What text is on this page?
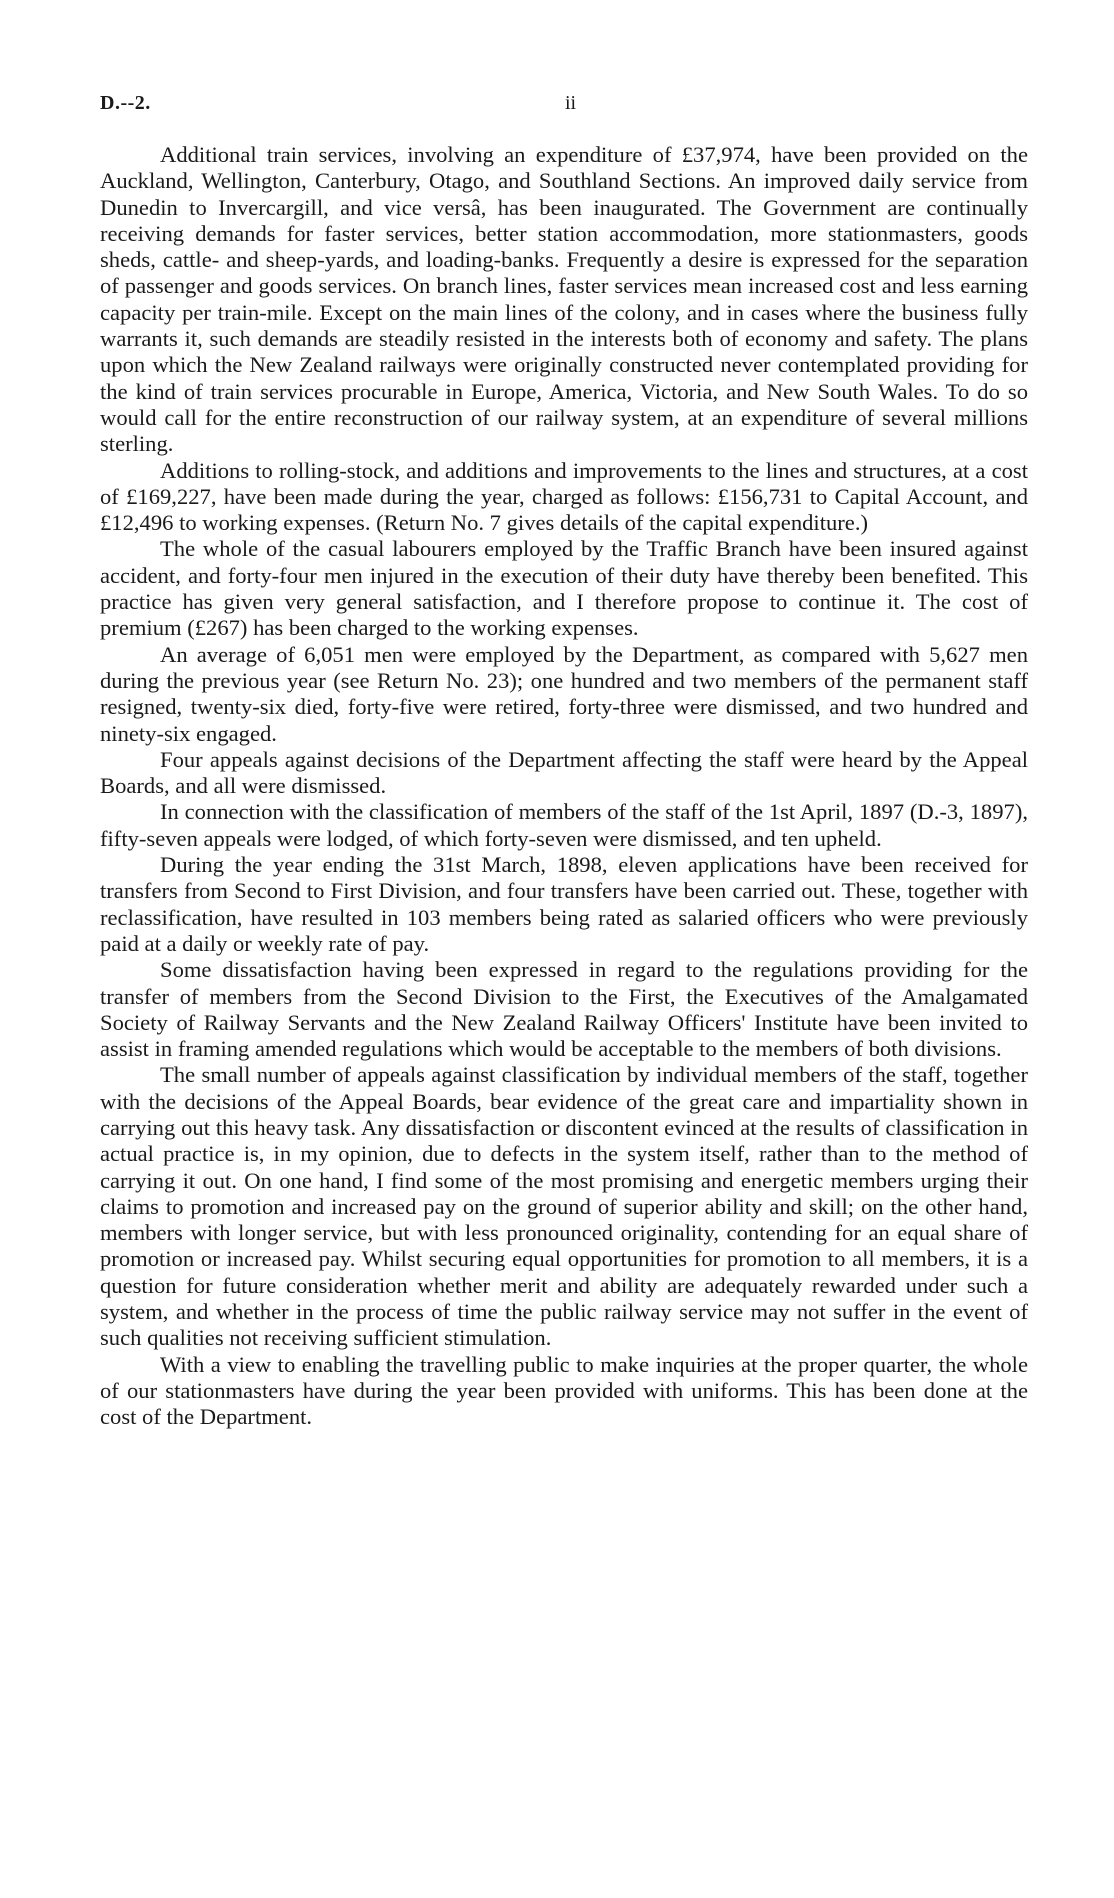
D.--2.	ii

Additional train services, involving an expenditure of £37,974, have been provided on the Auckland, Wellington, Canterbury, Otago, and Southland Sections. An improved daily service from Dunedin to Invercargill, and vice versâ, has been inaugurated. The Government are continually receiving demands for faster services, better station accommodation, more stationmasters, goods sheds, cattle- and sheep-yards, and loading-banks. Frequently a desire is expressed for the separation of passenger and goods services. On branch lines, faster services mean increased cost and less earning capacity per train-mile. Except on the main lines of the colony, and in cases where the business fully warrants it, such demands are steadily resisted in the interests both of economy and safety. The plans upon which the New Zealand railways were originally constructed never contemplated providing for the kind of train services procurable in Europe, America, Victoria, and New South Wales. To do so would call for the entire reconstruction of our railway system, at an expenditure of several millions sterling.

Additions to rolling-stock, and additions and improvements to the lines and structures, at a cost of £169,227, have been made during the year, charged as follows: £156,731 to Capital Account, and £12,496 to working expenses. (Return No. 7 gives details of the capital expenditure.)

The whole of the casual labourers employed by the Traffic Branch have been insured against accident, and forty-four men injured in the execution of their duty have thereby been benefited. This practice has given very general satisfaction, and I therefore propose to continue it. The cost of premium (£267) has been charged to the working expenses.

An average of 6,051 men were employed by the Department, as compared with 5,627 men during the previous year (see Return No. 23); one hundred and two members of the permanent staff resigned, twenty-six died, forty-five were retired, forty-three were dismissed, and two hundred and ninety-six engaged.

Four appeals against decisions of the Department affecting the staff were heard by the Appeal Boards, and all were dismissed.

In connection with the classification of members of the staff of the 1st April, 1897 (D.-3, 1897), fifty-seven appeals were lodged, of which forty-seven were dismissed, and ten upheld.

During the year ending the 31st March, 1898, eleven applications have been received for transfers from Second to First Division, and four transfers have been carried out. These, together with reclassification, have resulted in 103 members being rated as salaried officers who were previously paid at a daily or weekly rate of pay.

Some dissatisfaction having been expressed in regard to the regulations providing for the transfer of members from the Second Division to the First, the Executives of the Amalgamated Society of Railway Servants and the New Zealand Railway Officers' Institute have been invited to assist in framing amended regulations which would be acceptable to the members of both divisions.

The small number of appeals against classification by individual members of the staff, together with the decisions of the Appeal Boards, bear evidence of the great care and impartiality shown in carrying out this heavy task. Any dissatisfaction or discontent evinced at the results of classification in actual practice is, in my opinion, due to defects in the system itself, rather than to the method of carrying it out. On one hand, I find some of the most promising and energetic members urging their claims to promotion and increased pay on the ground of superior ability and skill; on the other hand, members with longer service, but with less pronounced originality, contending for an equal share of promotion or increased pay. Whilst securing equal opportunities for promotion to all members, it is a question for future consideration whether merit and ability are adequately rewarded under such a system, and whether in the process of time the public railway service may not suffer in the event of such qualities not receiving sufficient stimulation.

With a view to enabling the travelling public to make inquiries at the proper quarter, the whole of our stationmasters have during the year been provided with uniforms. This has been done at the cost of the Department.
